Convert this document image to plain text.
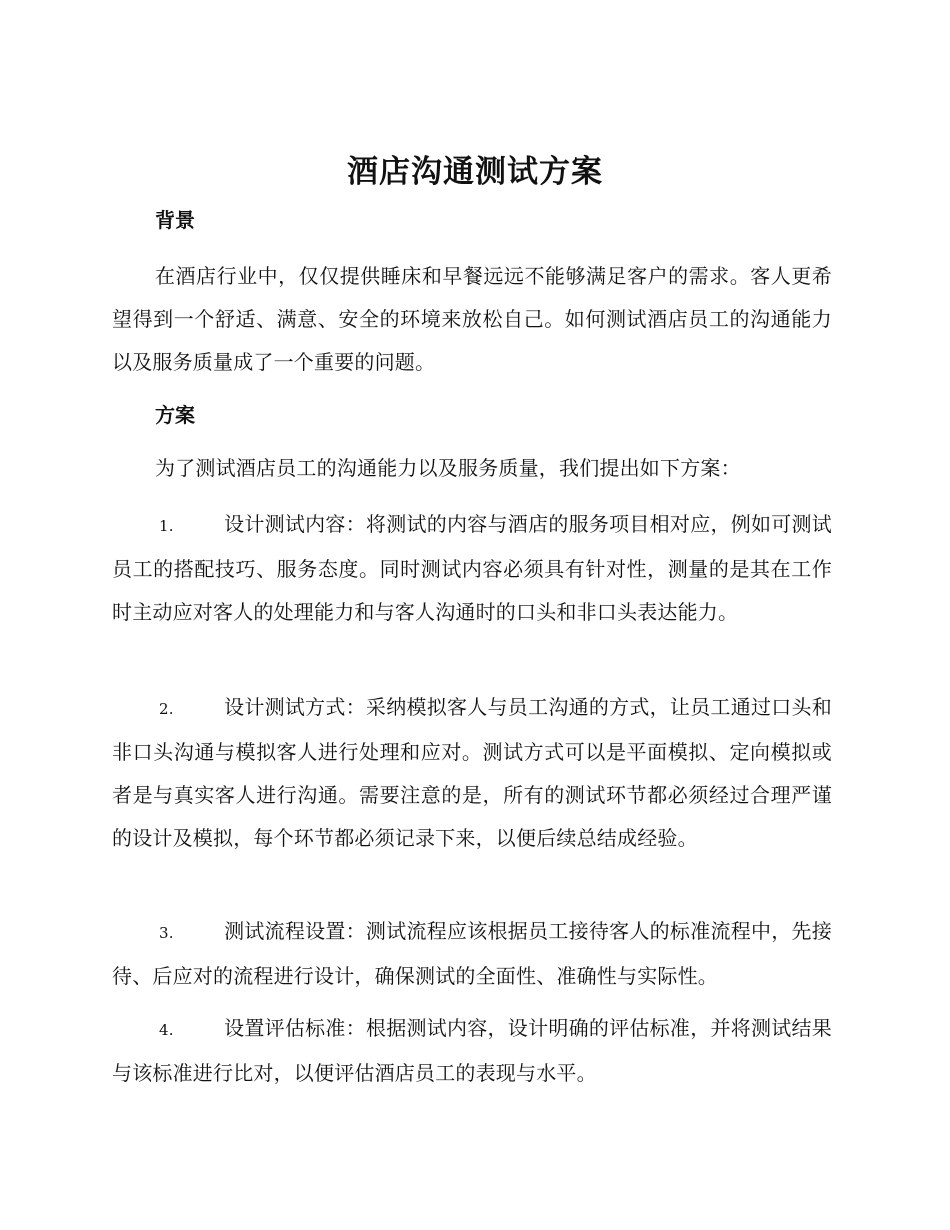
酒店沟通测试方案
背景

在酒店行业中，仅仅提供睡床和早餐远远不能够满足客户的需求。客人更希望得到一个舒适、满意、安全的环境来放松自己。如何测试酒店员工的沟通能力以及服务质量成了一个重要的问题。

方案

为了测试酒店员工的沟通能力以及服务质量，我们提出如下方案：

1.	设计测试内容：将测试的内容与酒店的服务项目相对应，例如可测试员工的搭配技巧、服务态度。同时测试内容必须具有针对性，测量的是其在工作时主动应对客人的处理能力和与客人沟通时的口头和非口头表达能力。

2.	设计测试方式：采纳模拟客人与员工沟通的方式，让员工通过口头和非口头沟通与模拟客人进行处理和应对。测试方式可以是平面模拟、定向模拟或者是与真实客人进行沟通。需要注意的是，所有的测试环节都必须经过合理严谨的设计及模拟，每个环节都必须记录下来，以便后续总结成经验。

3.	测试流程设置：测试流程应该根据员工接待客人的标准流程中，先接待、后应对的流程进行设计，确保测试的全面性、准确性与实际性。

4.	设置评估标准：根据测试内容，设计明确的评估标准，并将测试结果与该标准进行比对，以便评估酒店员工的表现与水平。
